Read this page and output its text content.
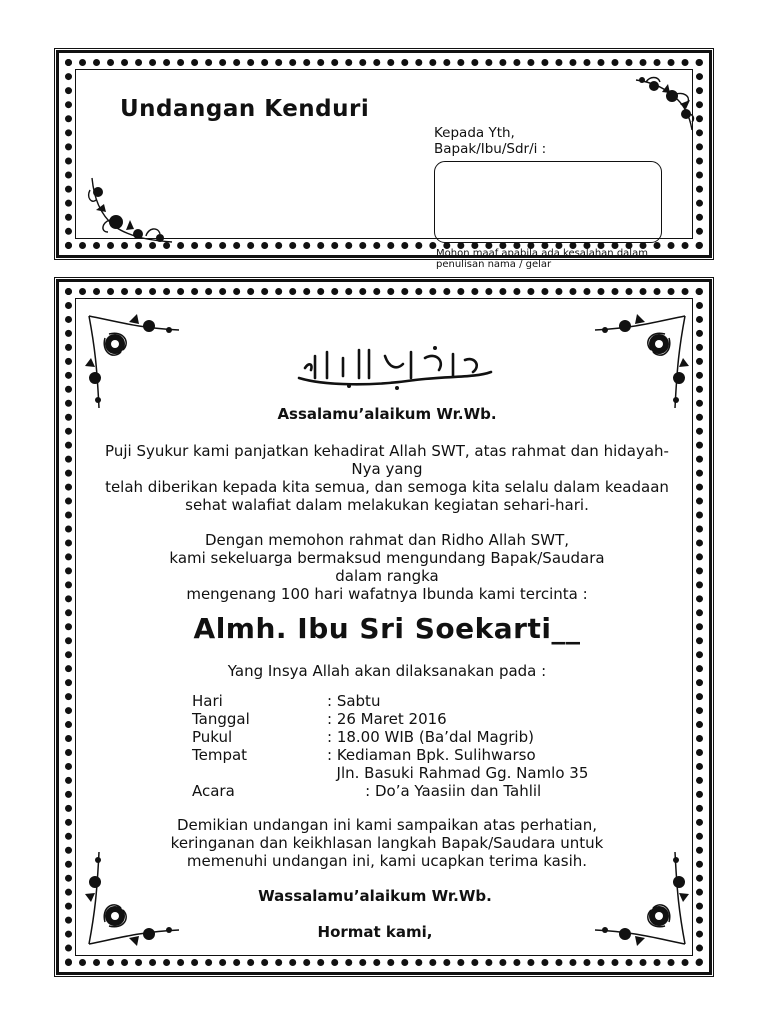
Undangan Kenduri
Kepada Yth,
Bapak/Ibu/Sdr/i :
Mohon maaf apabila ada kesalahan dalam penulisan nama / gelar
Assalamu’alaikum Wr.Wb.
Puji Syukur kami panjatkan kehadirat Allah SWT, atas rahmat dan hidayah-
Nya yang
telah diberikan kepada kita semua, dan semoga kita selalu dalam keadaan
sehat walafiat dalam melakukan kegiatan sehari-hari.
Dengan memohon rahmat dan Ridho Allah SWT,
kami sekeluarga bermaksud mengundang Bapak/Saudara
dalam rangka
mengenang 100 hari wafatnya Ibunda kami tercinta :
Almh. Ibu Sri Soekarti__
Yang Insya Allah akan dilaksanakan pada :
Hari	: Sabtu
Tanggal	: 26 Maret 2016
Pukul	: 18.00 WIB (Ba’dal Magrib)
Tempat	: Kediaman Bpk. Sulihwarso
Jln. Basuki Rahmad Gg. Namlo 35
Acara	: Do’a Yaasiin dan Tahlil
Demikian undangan ini kami sampaikan atas perhatian,
keringanan dan keikhlasan langkah Bapak/Saudara untuk
memenuhi undangan ini, kami ucapkan terima kasih.
Wassalamu’alaikum Wr.Wb.
Hormat kami,
